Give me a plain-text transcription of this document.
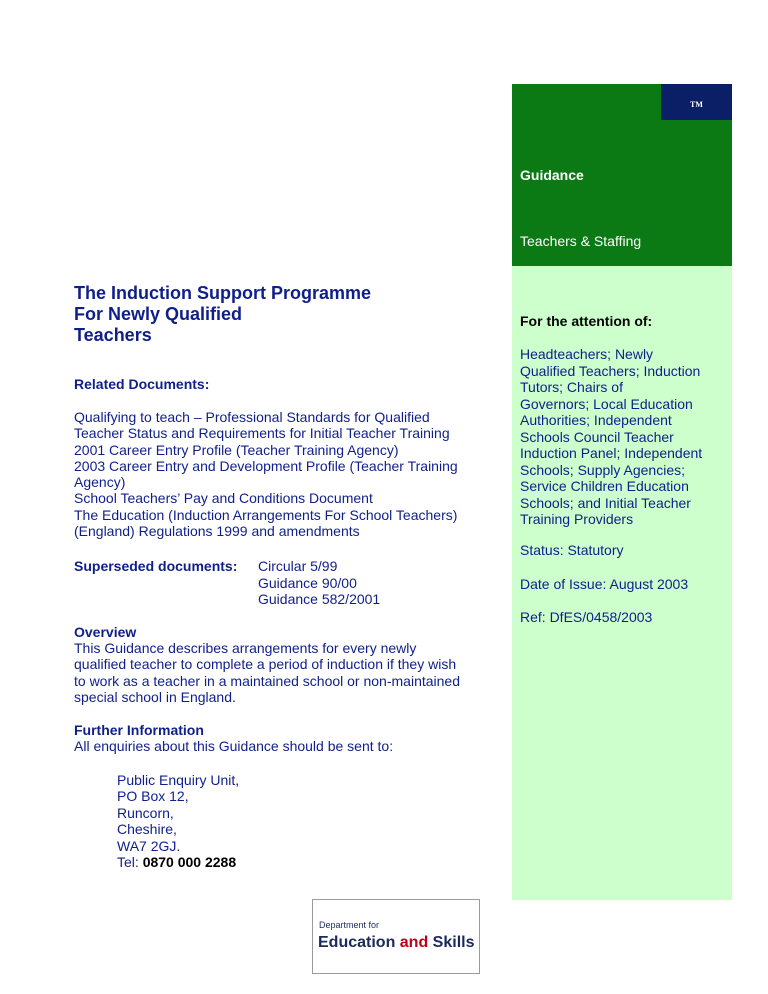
TM
Guidance
Teachers & Staffing
For the attention of:
Headteachers; Newly
Qualified Teachers; Induction
Tutors; Chairs of
Governors; Local Education
Authorities; Independent
Schools Council Teacher
Induction Panel; Independent
Schools; Supply Agencies;
Service Children Education
Schools; and Initial Teacher
Training Providers
Status: Statutory
Date of Issue: August 2003
Ref: DfES/0458/2003
The Induction Support Programme
For Newly Qualified
Teachers
Related Documents:
Qualifying to teach – Professional Standards for Qualified
Teacher Status and Requirements for Initial Teacher Training
2001 Career Entry Profile (Teacher Training Agency)
2003 Career Entry and Development Profile (Teacher Training
Agency)
School Teachers’ Pay and Conditions Document
The Education (Induction Arrangements For School Teachers)
(England) Regulations 1999 and amendments
Superseded documents: Circular 5/99
Guidance 90/00
Guidance 582/2001
Overview
This Guidance describes arrangements for every newly
qualified teacher to complete a period of induction if they wish
to work as a teacher in a maintained school or non-maintained
special school in England.
Further Information
All enquiries about this Guidance should be sent to:
Public Enquiry Unit,
PO Box 12,
Runcorn,
Cheshire,
WA7 2GJ.
Tel: 0870 000 2288
Department for
Education and Skills
